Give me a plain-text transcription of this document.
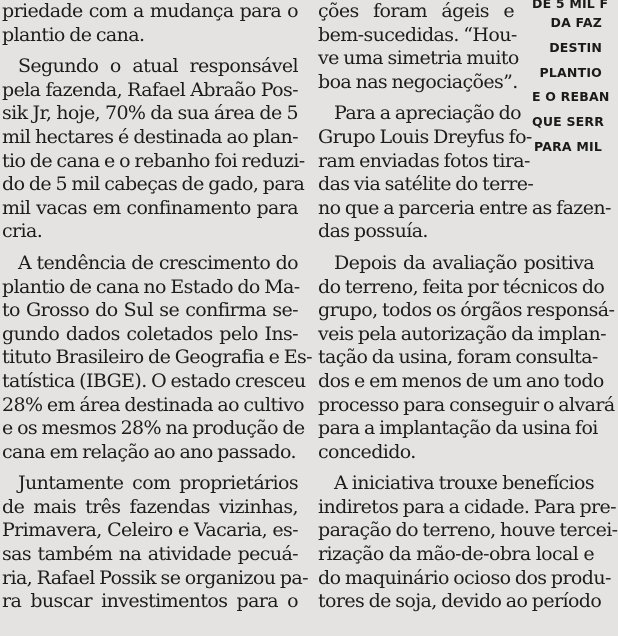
priedade com a mudança para o
plantio de cana.
Segundo o atual responsável
pela fazenda, Rafael Abraão Pos-
sik Jr, hoje, 70% da sua área de 5
mil hectares é destinada ao plan-
tio de cana e o rebanho foi reduzi-
do de 5 mil cabeças de gado, para
mil vacas em confinamento para
cria.
A tendência de crescimento do
plantio de cana no Estado do Ma-
to Grosso do Sul se confirma se-
gundo dados coletados pelo Ins-
tituto Brasileiro de Geografia e Es-
tatística (IBGE). O estado cresceu
28% em área destinada ao cultivo
e os mesmos 28% na produção de
cana em relação ao ano passado.
Juntamente com proprietários
de mais três fazendas vizinhas,
Primavera, Celeiro e Vacaria, es-
sas também na atividade pecuá-
ria, Rafael Possik se organizou pa-
ra buscar investimentos para o
ções foram ágeis e
bem-sucedidas. “Hou-
ve uma simetria muito
boa nas negociações”.
Para a apreciação do
Grupo Louis Dreyfus fo-
ram enviadas fotos tira-
das via satélite do terre-
no que a parceria entre as fazen-
das possuía.
Depois da avaliação positiva
do terreno, feita por técnicos do
grupo, todos os órgãos responsá-
veis pela autorização da implan-
tação da usina, foram consulta-
dos e em menos de um ano todo
processo para conseguir o alvará
para a implantação da usina foi
concedido.
A iniciativa trouxe benefícios
indiretos para a cidade. Para pre-
paração do terreno, houve tercei-
rização da mão-de-obra local e
do maquinário ocioso dos produ-
tores de soja, devido ao período
DE 5 MIL F
DA FAZ
DESTIN
PLANTIO
E O REBAN
QUE SERR
PARA MIL
